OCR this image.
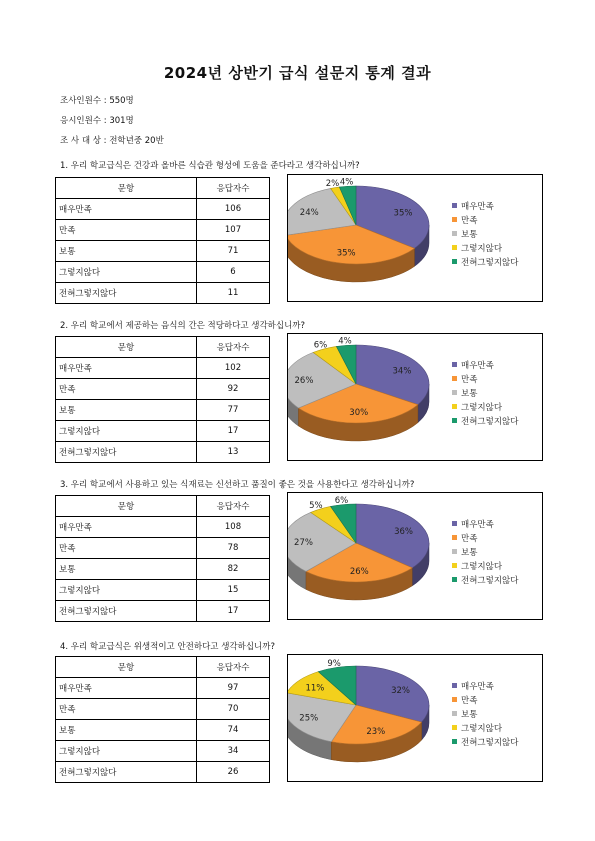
2024년 상반기 급식 설문지 통계 결과
조사인원수 : 550명
응시인원수 : 301명
조 사 대 상 : 전학년중 20반
1. 우리 학교급식은 건강과 올바른 식습관 형성에 도움을 준다라고 생각하십니까?
문항	응답자수
매우만족	106
만족	107
보통	71
그렇지않다	6
전혀그렇지않다	11
35%
35%
24%
2% 4%
매우만족
만족
보통
그렇지않다
전혀그렇지않다
2. 우리 학교에서 제공하는 음식의 간은 적당하다고 생각하십니까?
문항	응답자수
매우만족	102
만족	92
보통	77
그렇지않다	17
전혀그렇지않다	13
34%
30%
26%
6% 4%
매우만족
만족
보통
그렇지않다
전혀그렇지않다
3. 우리 학교에서 사용하고 있는 식재료는 신선하고 품질이 좋은 것을 사용한다고 생각하십니까?
문항	응답자수
매우만족	108
만족	78
보통	82
그렇지않다	15
전혀그렇지않다	17
36%
26%
27%
5% 6%
매우만족
만족
보통
그렇지않다
전혀그렇지않다
4. 우리 학교급식은 위생적이고 안전하다고 생각하십니까?
문항	응답자수
매우만족	97
만족	70
보통	74
그렇지않다	34
전혀그렇지않다	26
32%
23%
25%
11%
9%
매우만족
만족
보통
그렇지않다
전혀그렇지않다
